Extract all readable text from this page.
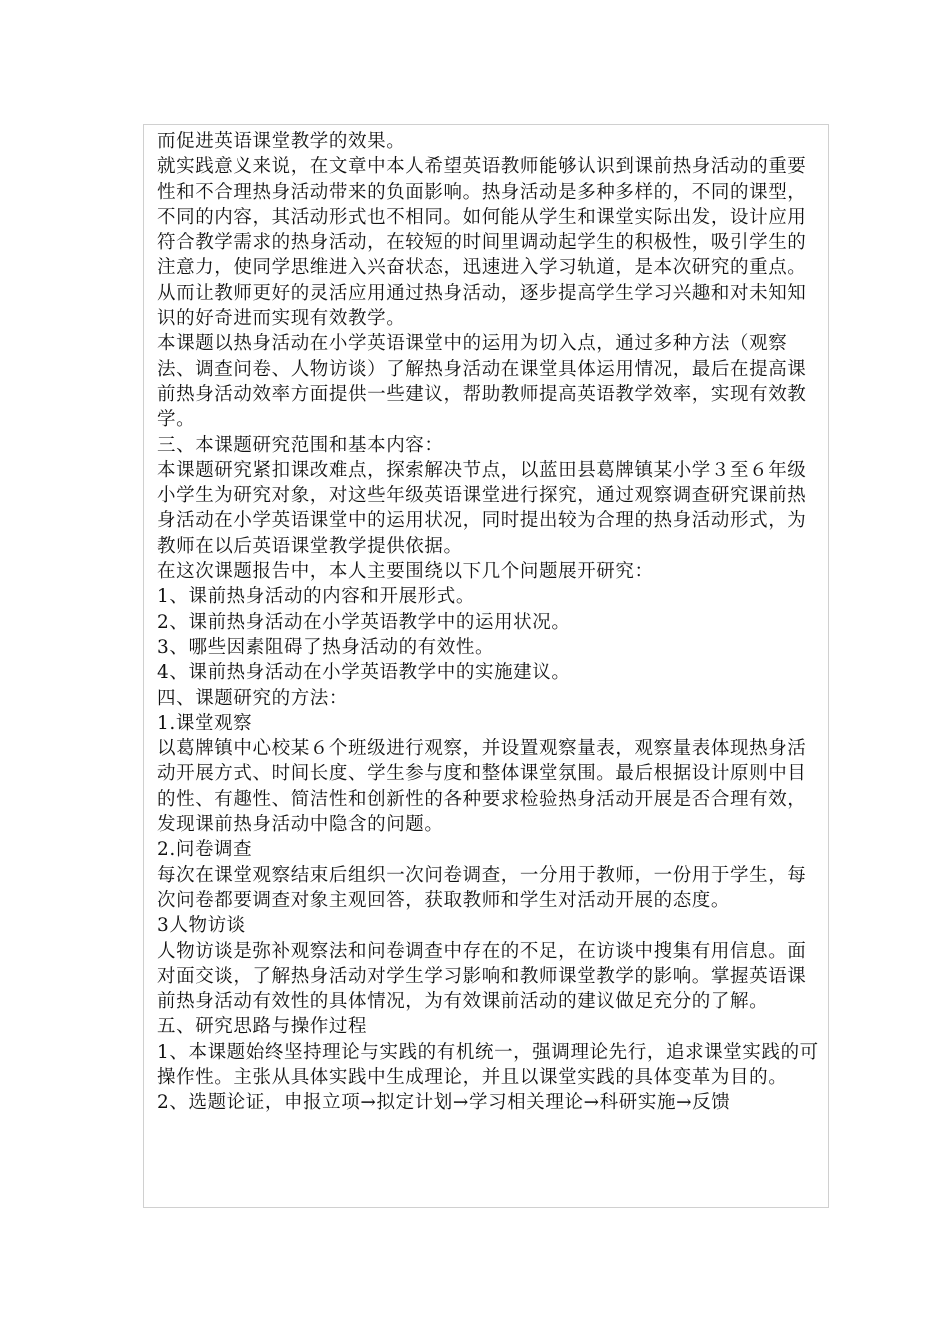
而促进英语课堂教学的效果。

就实践意义来说，在文章中本人希望英语教师能够认识到课前热身活动的重要性和不合理热身活动带来的负面影响。热身活动是多种多样的，不同的课型，不同的内容，其活动形式也不相同。如何能从学生和课堂实际出发，设计应用符合教学需求的热身活动，在较短的时间里调动起学生的积极性，吸引学生的注意力，使同学思维进入兴奋状态，迅速进入学习轨道，是本次研究的重点。从而让教师更好的灵活应用通过热身活动，逐步提高学生学习兴趣和对未知知识的好奇进而实现有效教学。

本课题以热身活动在小学英语课堂中的运用为切入点，通过多种方法（观察法、调查问卷、人物访谈）了解热身活动在课堂具体运用情况，最后在提高课前热身活动效率方面提供一些建议，帮助教师提高英语教学效率，实现有效教学。

三、本课题研究范围和基本内容：

本课题研究紧扣课改难点，探索解决节点，以蓝田县葛牌镇某小学３至６年级小学生为研究对象，对这些年级英语课堂进行探究，通过观察调查研究课前热身活动在小学英语课堂中的运用状况，同时提出较为合理的热身活动形式，为教师在以后英语课堂教学提供依据。

在这次课题报告中，本人主要围绕以下几个问题展开研究：

1、课前热身活动的内容和开展形式。

2、课前热身活动在小学英语教学中的运用状况。

3、哪些因素阻碍了热身活动的有效性。

4、课前热身活动在小学英语教学中的实施建议。

四、课题研究的方法：

1.课堂观察

以葛牌镇中心校某６个班级进行观察，并设置观察量表，观察量表体现热身活动开展方式、时间长度、学生参与度和整体课堂氛围。最后根据设计原则中目的性、有趣性、简洁性和创新性的各种要求检验热身活动开展是否合理有效，发现课前热身活动中隐含的问题。

2.问卷调查

每次在课堂观察结束后组织一次问卷调查，一分用于教师，一份用于学生，每次问卷都要调查对象主观回答，获取教师和学生对活动开展的态度。

3人物访谈

人物访谈是弥补观察法和问卷调查中存在的不足，在访谈中搜集有用信息。面对面交谈，了解热身活动对学生学习影响和教师课堂教学的影响。掌握英语课前热身活动有效性的具体情况，为有效课前活动的建议做足充分的了解。

五、研究思路与操作过程

1、本课题始终坚持理论与实践的有机统一，强调理论先行，追求课堂实践的可操作性。主张从具体实践中生成理论，并且以课堂实践的具体变革为目的。

2、选题论证，申报立项→拟定计划→学习相关理论→科研实施→反馈
